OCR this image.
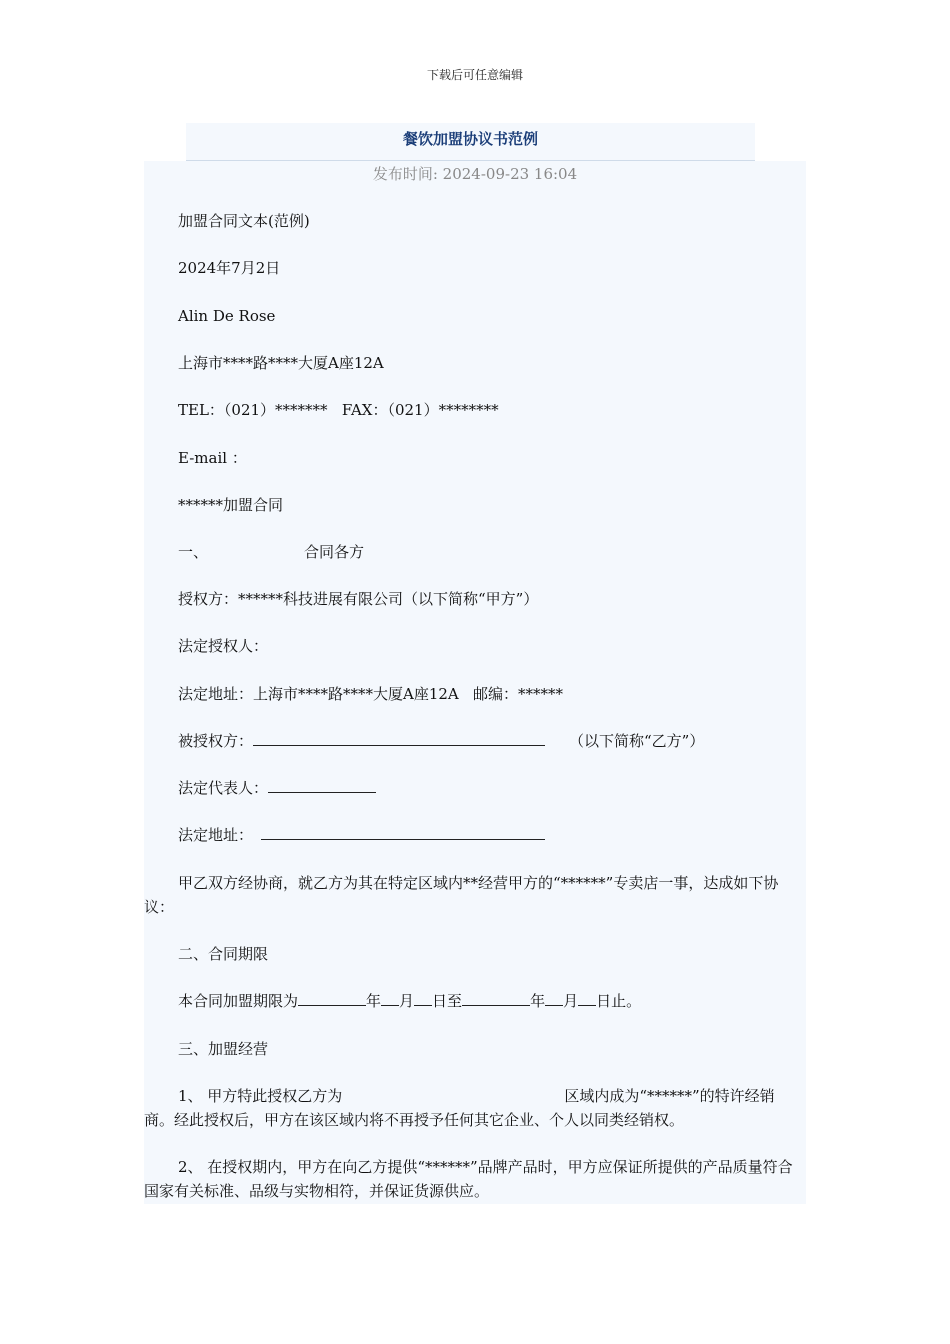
下载后可任意编辑
餐饮加盟协议书范例
发布时间: 2024-09-23 16:04
加盟合同文本(范例)
2024年7月2日
Alin De Rose
上海市****路****大厦A座12A
TEL：（021）*******   FAX：（021）********
E-mail ：
******加盟合同
一、	合同各方
授权方：******科技进展有限公司（以下简称“甲方”）
法定授权人：
法定地址：上海市****路****大厦A座12A   邮编：******
被授权方：	（以下简称“乙方”）
法定代表人：
法定地址：
甲乙双方经协商，就乙方为其在特定区域内**经营甲方的“******”专卖店一事，达成如下协议：
二、合同期限
本合同加盟期限为	年 月 日至	年 月 日止。
三、加盟经营
1、 甲方特此授权乙方为	区域内成为“******”的特许经销商。经此授权后，甲方在该区域内将不再授予任何其它企业、个人以同类经销权。
2、 在授权期内，甲方在向乙方提供“******”品牌产品时，甲方应保证所提供的产品质量符合国家有关标准、品级与实物相符，并保证货源供应。
